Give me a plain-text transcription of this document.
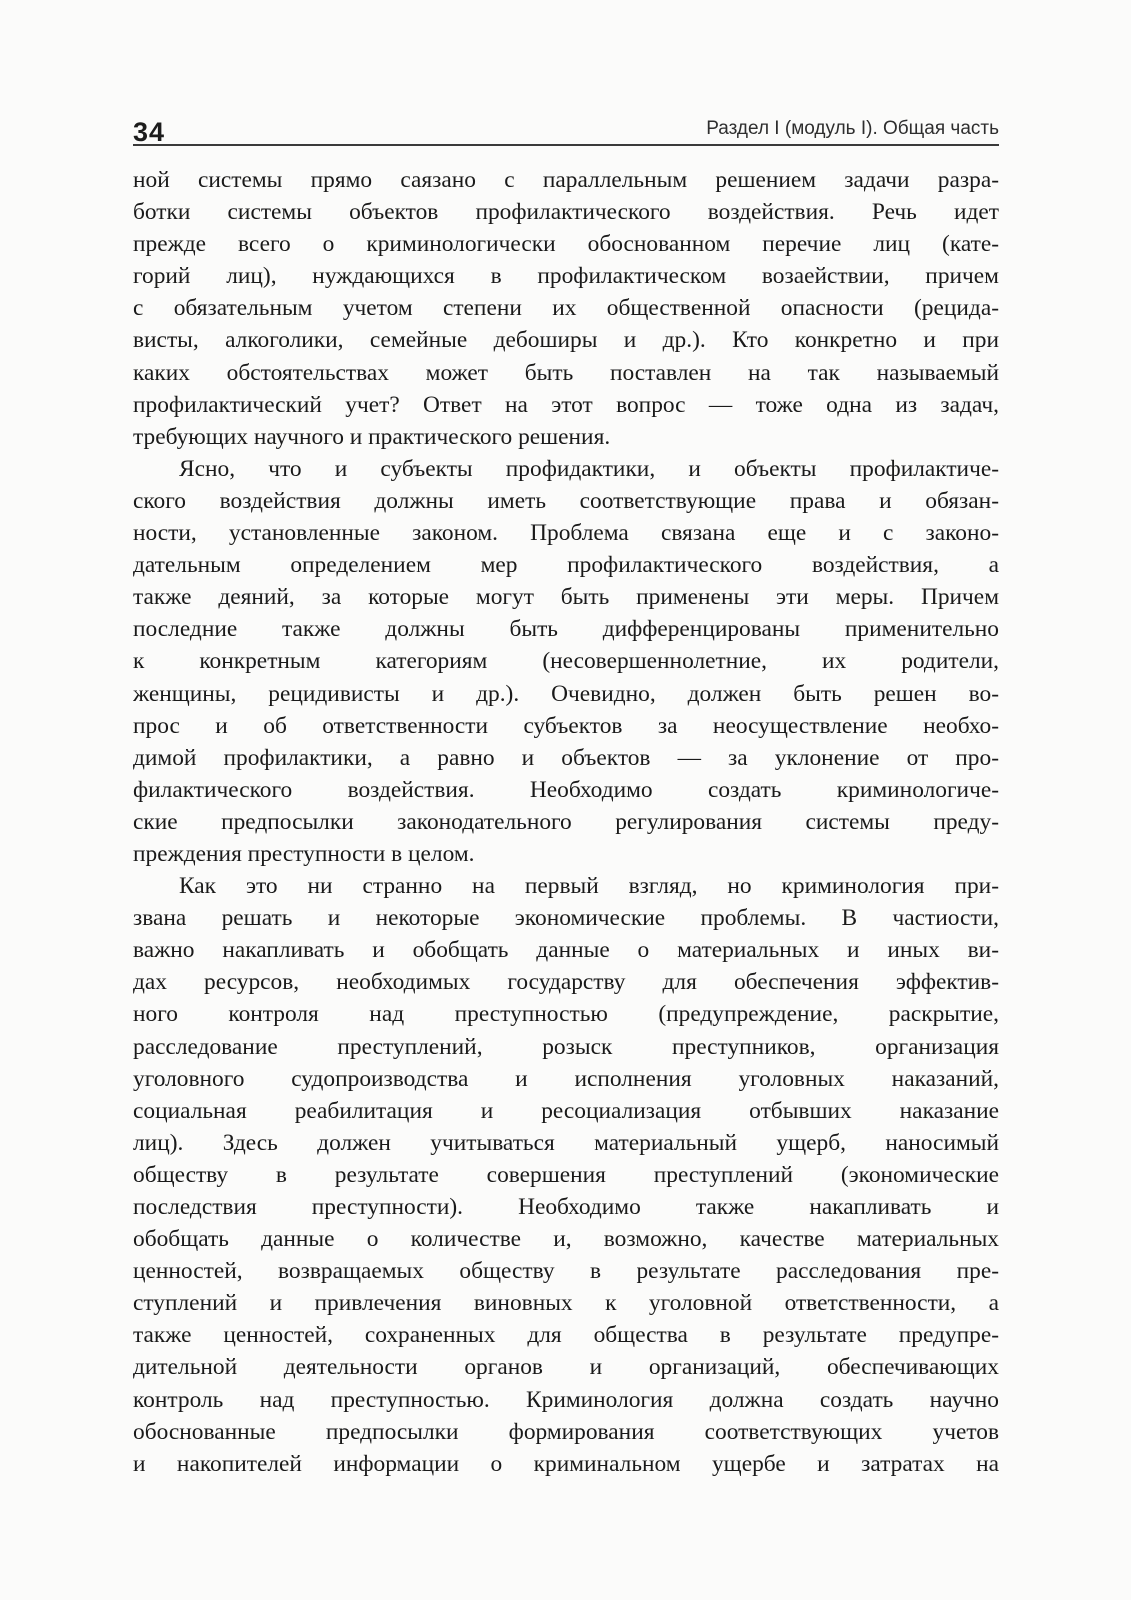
34	Раздел I (модуль I). Общая часть
ной системы прямо саязано с параллельным решением задачи разра-
ботки системы объектов профилактического воздействия. Речь идет
прежде всего о криминологически обоснованном перечие лиц (кате-
горий лиц), нуждающихся в профилактическом возаействии, причем
с обязательным учетом степени их общественной опасности (рецида-
висты, алкоголики, семейные дебоширы и др.). Кто конкретно и при
каких обстоятельствах может быть поставлен на так называемый
профилактический учет? Ответ на этот вопрос — тоже одна из задач,
требующих научного и практического решения.
Ясно, что и субъекты профидактики, и объекты профилактиче-
ского воздействия должны иметь соответствующие права и обязан-
ности, установленные законом. Проблема связана еще и с законо-
дательным определением мер профилактического воздействия, а
также деяний, за которые могут быть применены эти меры. Причем
последние также должны быть дифференцированы применительно
к конкретным категориям (несовершеннолетние, их родители,
женщины, рецидивисты и др.). Очевидно, должен быть решен во-
прос и об ответственности субъектов за неосуществление необхо-
димой профилактики, а равно и объектов — за уклонение от про-
филактического воздействия. Необходимо создать криминологиче-
ские предпосылки законодательного регулирования системы преду-
преждения преступности в целом.
Как это ни странно на первый взгляд, но криминология при-
звана решать и некоторые экономические проблемы. В частиости,
важно накапливать и обобщать данные о материальных и иных ви-
дах ресурсов, необходимых государству для обеспечения эффектив-
ного контроля над преступностью (предупреждение, раскрытие,
расследование преступлений, розыск преступников, организация
уголовного судопроизводства и исполнения уголовных наказаний,
социальная реабилитация и ресоциализация отбывших наказание
лиц). Здесь должен учитываться материальный ущерб, наносимый
обществу в результате совершения преступлений (экономические
последствия преступности). Необходимо также накапливать и
обобщать данные о количестве и, возможно, качестве материальных
ценностей, возвращаемых обществу в результате расследования пре-
ступлений и привлечения виновных к уголовной ответственности, а
также ценностей, сохраненных для общества в результате предупре-
дительной деятельности органов и организаций, обеспечивающих
контроль над преступностью. Криминология должна создать научно
обоснованные предпосылки формирования соответствующих учетов
и накопителей информации о криминальном ущербе и затратах на
